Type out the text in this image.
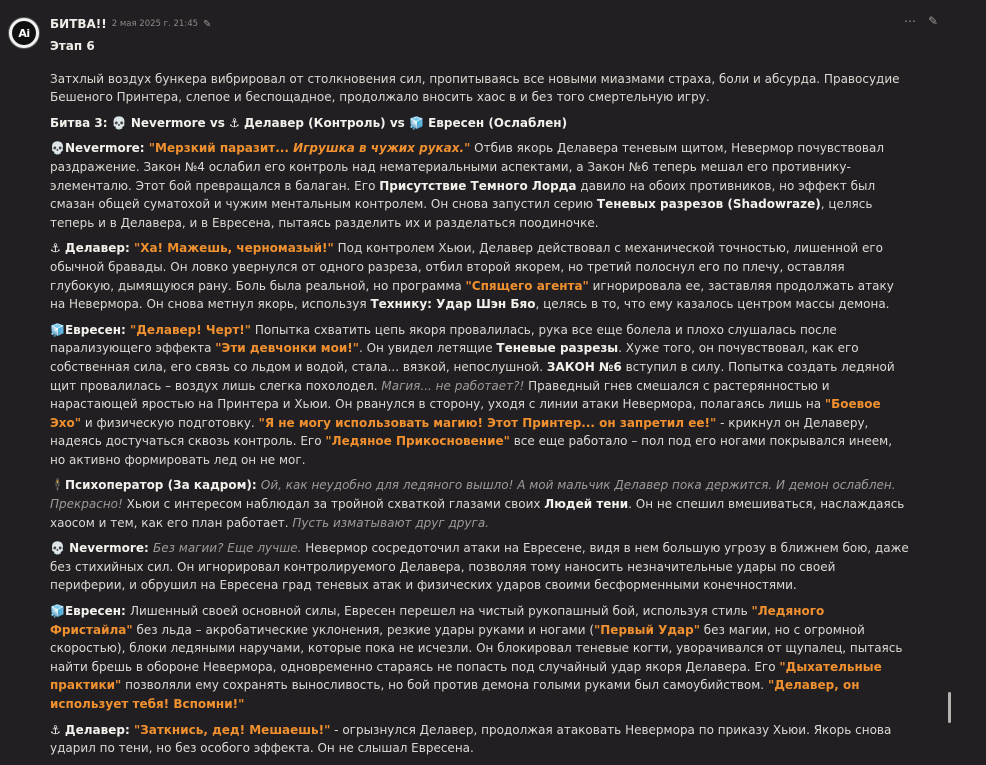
Ai
БИТВА!! 2 мая 2025 г. 21:45 ✎	⋯ ✎

Этап 6

Затхлый воздух бункера вибрировал от столкновения сил, пропитываясь все новыми миазмами страха, боли и абсурда. Правосудие Бешеного Принтера, слепое и беспощадное, продолжало вносить хаос в и без того смертельную игру.

Битва 3: 💀 Nevermore vs ⚓ Делавер (Контроль) vs 🧊 Евресен (Ослаблен)

💀Nevermore: "Мерзкий паразит... Игрушка в чужих руках." Отбив якорь Делавера теневым щитом, Невермор почувствовал раздражение. Закон №4 ослабил его контроль над нематериальными аспектами, а Закон №6 теперь мешал его противнику-элементалю. Этот бой превращался в балаган. Его Присутствие Темного Лорда давило на обоих противников, но эффект был смазан общей суматохой и чужим ментальным контролем. Он снова запустил серию Теневых разрезов (Shadowraze), целясь теперь и в Делавера, и в Евресена, пытаясь разделить их и разделаться поодиночке.

⚓ Делавер: "Ха! Мажешь, черномазый!" Под контролем Хьюи, Делавер действовал с механической точностью, лишенной его обычной бравады. Он ловко увернулся от одного разреза, отбил второй якорем, но третий полоснул его по плечу, оставляя глубокую, дымящуюся рану. Боль была реальной, но программа "Спящего агента" игнорировала ее, заставляя продолжать атаку на Невермора. Он снова метнул якорь, используя Технику: Удар Шэн Бяо, целясь в то, что ему казалось центром массы демона.

🧊Евресен: "Делавер! Черт!" Попытка схватить цепь якоря провалилась, рука все еще болела и плохо слушалась после парализующего эффекта "Эти девчонки мои!". Он увидел летящие Теневые разрезы. Хуже того, он почувствовал, как его собственная сила, его связь со льдом и водой, стала... вязкой, непослушной. ЗАКОН №6 вступил в силу. Попытка создать ледяной щит провалилась – воздух лишь слегка похолодел. Магия... не работает?! Праведный гнев смешался с растерянностью и нарастающей яростью на Принтера и Хьюи. Он рванулся в сторону, уходя с линии атаки Невермора, полагаясь лишь на "Боевое Эхо" и физическую подготовку. "Я не могу использовать магию! Этот Принтер... он запретил ее!" - крикнул он Делаверу, надеясь достучаться сквозь контроль. Его "Ледяное Прикосновение" все еще работало – пол под его ногами покрывался инеем, но активно формировать лед он не мог.

🕴Психоператор (За кадром): Ой, как неудобно для ледяного вышло! А мой мальчик Делавер пока держится. И демон ослаблен. Прекрасно! Хьюи с интересом наблюдал за тройной схваткой глазами своих Людей тени. Он не спешил вмешиваться, наслаждаясь хаосом и тем, как его план работает. Пусть изматывают друг друга.

💀 Nevermore: Без магии? Еще лучше. Невермор сосредоточил атаки на Евресене, видя в нем большую угрозу в ближнем бою, даже без стихийных сил. Он игнорировал контролируемого Делавера, позволяя тому наносить незначительные удары по своей периферии, и обрушил на Евресена град теневых атак и физических ударов своими бесформенными конечностями.

🧊Евресен: Лишенный своей основной силы, Евресен перешел на чистый рукопашный бой, используя стиль "Ледяного Фристайла" без льда – акробатические уклонения, резкие удары руками и ногами ("Первый Удар" без магии, но с огромной скоростью), блоки ледяными наручами, которые пока не исчезли. Он блокировал теневые когти, уворачивался от щупалец, пытаясь найти брешь в обороне Невермора, одновременно стараясь не попасть под случайный удар якоря Делавера. Его "Дыхательные практики" позволяли ему сохранять выносливость, но бой против демона голыми руками был самоубийством. "Делавер, он использует тебя! Вспомни!"

⚓ Делавер: "Заткнись, дед! Мешаешь!" - огрызнулся Делавер, продолжая атаковать Невермора по приказу Хьюи. Якорь снова ударил по тени, но без особого эффекта. Он не слышал Евресена.
